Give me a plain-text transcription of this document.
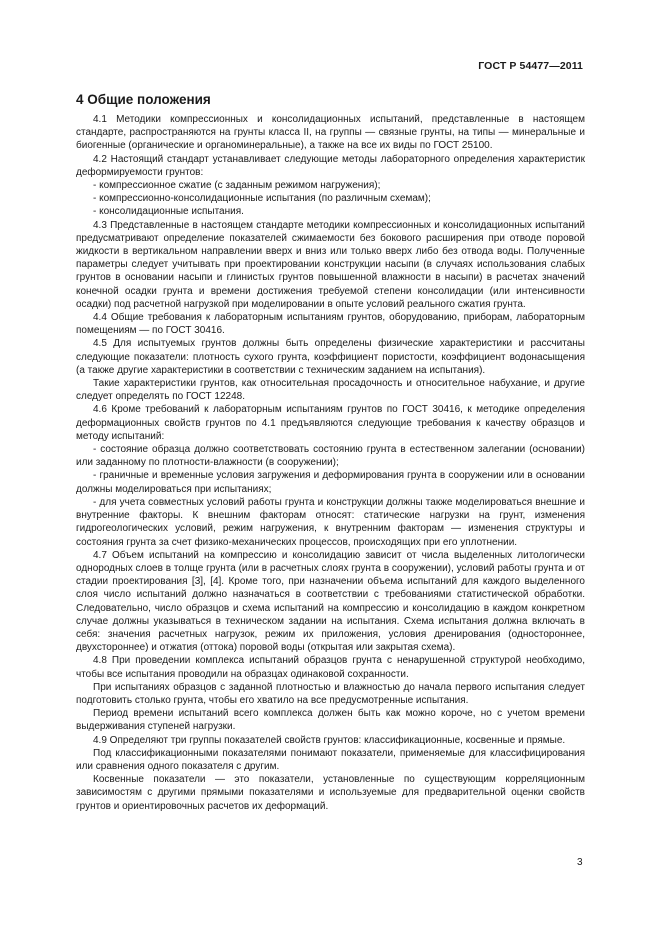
ГОСТ Р 54477—2011
4 Общие положения

4.1 Методики компрессионных и консолидационных испытаний, представленные в настоящем стандарте, распространяются на грунты класса II, на группы — связные грунты, на типы — минеральные и биогенные (органические и органоминеральные), а также на все их виды по ГОСТ 25100.

4.2 Настоящий стандарт устанавливает следующие методы лабораторного определения характеристик деформируемости грунтов:

- компрессионное сжатие (с заданным режимом нагружения);

- компрессионно-консолидационные испытания (по различным схемам);

- консолидационные испытания.

4.3 Представленные в настоящем стандарте методики компрессионных и консолидационных испытаний предусматривают определение показателей сжимаемости без бокового расширения при отводе поровой жидкости в вертикальном направлении вверх и вниз или только вверх либо без отвода воды. Полученные параметры следует учитывать при проектировании конструкции насыпи (в случаях использования слабых грунтов в основании насыпи и глинистых грунтов повышенной влажности в насыпи) в расчетах значений конечной осадки грунта и времени достижения требуемой степени консолидации (или интенсивности осадки) под расчетной нагрузкой при моделировании в опыте условий реального сжатия грунта.

4.4 Общие требования к лабораторным испытаниям грунтов, оборудованию, приборам, лабораторным помещениям — по ГОСТ 30416.

4.5 Для испытуемых грунтов должны быть определены физические характеристики и рассчитаны следующие показатели: плотность сухого грунта, коэффициент пористости, коэффициент водонасыщения (а также другие характеристики в соответствии с техническим заданием на испытания).

Такие характеристики грунтов, как относительная просадочность и относительное набухание, и другие следует определять по ГОСТ 12248.

4.6 Кроме требований к лабораторным испытаниям грунтов по ГОСТ 30416, к методике определения деформационных свойств грунтов по 4.1 предъявляются следующие требования к качеству образцов и методу испытаний:

- состояние образца должно соответствовать состоянию грунта в естественном залегании (основании) или заданному по плотности-влажности (в сооружении);

- граничные и временные условия загружения и деформирования грунта в сооружении или в основании должны моделироваться при испытаниях;

- для учета совместных условий работы грунта и конструкции должны также моделироваться внешние и внутренние факторы. К внешним факторам относят: статические нагрузки на грунт, изменения гидрогеологических условий, режим нагружения, к внутренним факторам — изменения структуры и состояния грунта за счет физико-механических процессов, происходящих при его уплотнении.

4.7 Объем испытаний на компрессию и консолидацию зависит от числа выделенных литологически однородных слоев в толще грунта (или в расчетных слоях грунта в сооружении), условий работы грунта и от стадии проектирования [3], [4]. Кроме того, при назначении объема испытаний для каждого выделенного слоя число испытаний должно назначаться в соответствии с требованиями статистической обработки. Следовательно, число образцов и схема испытаний на компрессию и консолидацию в каждом конкретном случае должны указываться в техническом задании на испытания. Схема испытания должна включать в себя: значения расчетных нагрузок, режим их приложения, условия дренирования (одностороннее, двухстороннее) и отжатия (оттока) поровой воды (открытая или закрытая схема).

4.8 При проведении комплекса испытаний образцов грунта с ненарушенной структурой необходимо, чтобы все испытания проводили на образцах одинаковой сохранности.

При испытаниях образцов с заданной плотностью и влажностью до начала первого испытания следует подготовить столько грунта, чтобы его хватило на все предусмотренные испытания.

Период времени испытаний всего комплекса должен быть как можно короче, но с учетом времени выдерживания ступеней нагрузки.

4.9 Определяют три группы показателей свойств грунтов: классификационные, косвенные и прямые.

Под классификационными показателями понимают показатели, применяемые для классифицирования или сравнения одного показателя с другим.

Косвенные показатели — это показатели, установленные по существующим корреляционным зависимостям с другими прямыми показателями и используемые для предварительной оценки свойств грунтов и ориентировочных расчетов их деформаций.

3
